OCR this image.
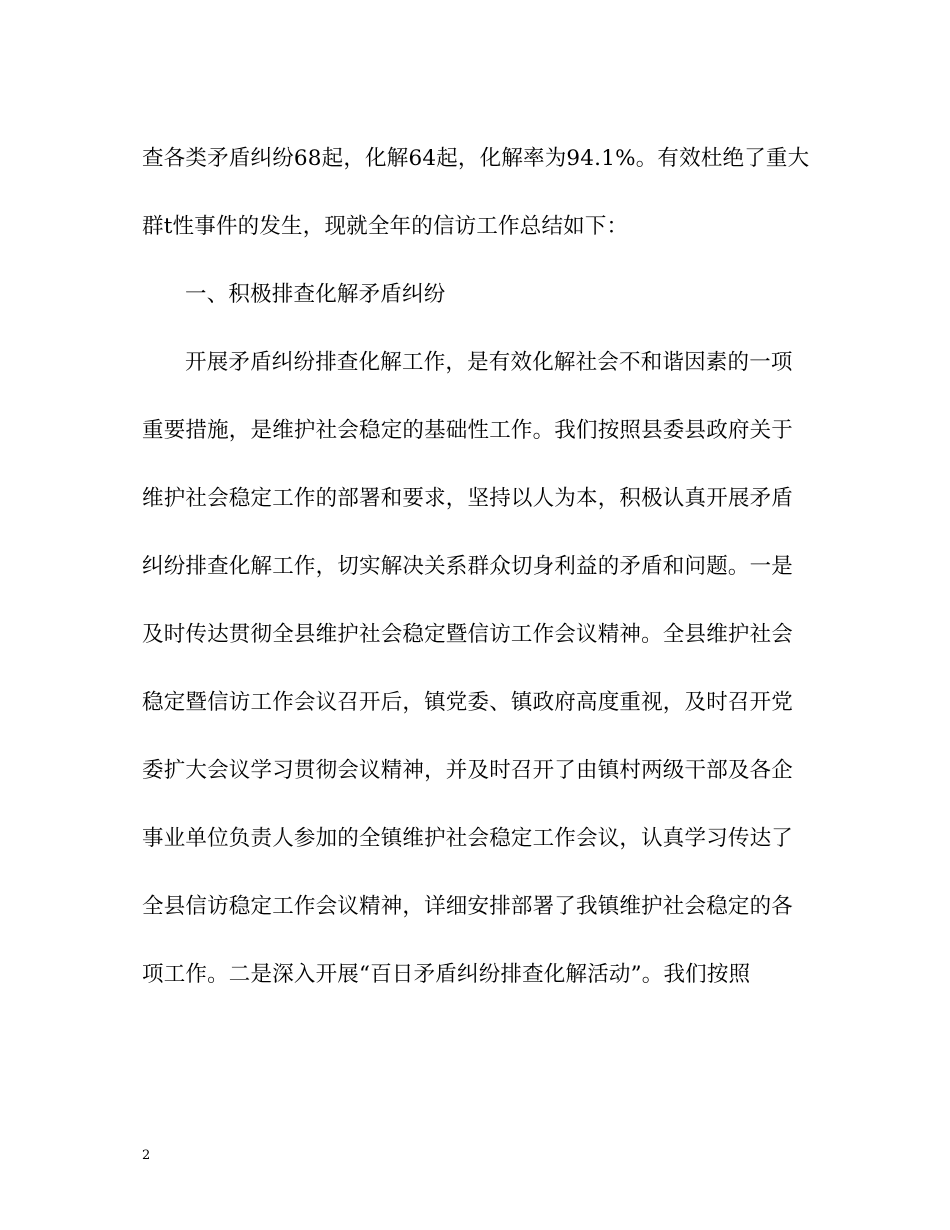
查各类矛盾纠纷68起，化解64起，化解率为94.1%。有效杜绝了重大
群t性事件的发生，现就全年的信访工作总结如下：
一、积极排查化解矛盾纠纷
开展矛盾纠纷排查化解工作，是有效化解社会不和谐因素的一项
重要措施，是维护社会稳定的基础性工作。我们按照县委县政府关于
维护社会稳定工作的部署和要求，坚持以人为本，积极认真开展矛盾
纠纷排查化解工作，切实解决关系群众切身利益的矛盾和问题。一是
及时传达贯彻全县维护社会稳定暨信访工作会议精神。全县维护社会
稳定暨信访工作会议召开后，镇党委、镇政府高度重视，及时召开党
委扩大会议学习贯彻会议精神，并及时召开了由镇村两级干部及各企
事业单位负责人参加的全镇维护社会稳定工作会议，认真学习传达了
全县信访稳定工作会议精神，详细安排部署了我镇维护社会稳定的各
项工作。二是深入开展“百日矛盾纠纷排查化解活动”。我们按照
2
